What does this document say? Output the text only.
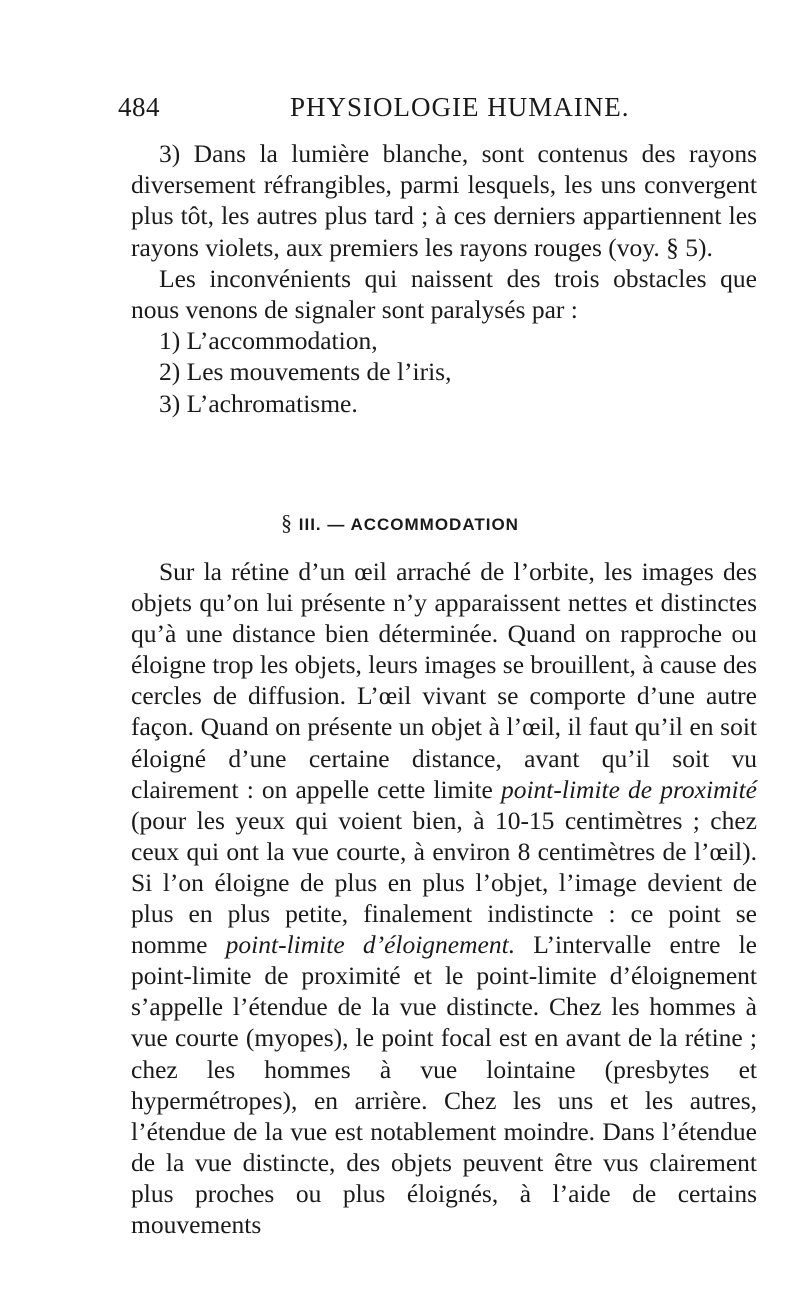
484	PHYSIOLOGIE HUMAINE.

3) Dans la lumière blanche, sont contenus des rayons diversement réfrangibles, parmi lesquels, les uns convergent plus tôt, les autres plus tard ; à ces derniers appartiennent les rayons violets, aux premiers les rayons rouges (voy. § 5).

Les inconvénients qui naissent des trois obstacles que nous venons de signaler sont paralysés par :

1) L’accommodation,

2) Les mouvements de l’iris,

3) L’achromatisme.

§ III. — ACCOMMODATION

Sur la rétine d’un œil arraché de l’orbite, les images des objets qu’on lui présente n’y apparaissent nettes et distinctes qu’à une distance bien déterminée. Quand on rapproche ou éloigne trop les objets, leurs images se brouillent, à cause des cercles de diffusion. L’œil vivant se comporte d’une autre façon. Quand on présente un objet à l’œil, il faut qu’il en soit éloigné d’une certaine distance, avant qu’il soit vu clairement : on appelle cette limite point-limite de proximité (pour les yeux qui voient bien, à 10-15 centimètres ; chez ceux qui ont la vue courte, à environ 8 centimètres de l’œil). Si l’on éloigne de plus en plus l’objet, l’image devient de plus en plus petite, finalement indistincte : ce point se nomme point-limite d’éloignement. L’intervalle entre le point-limite de proximité et le point-limite d’éloignement s’appelle l’étendue de la vue distincte. Chez les hommes à vue courte (myopes), le point focal est en avant de la rétine ; chez les hommes à vue lointaine (presbytes et hypermétropes), en arrière. Chez les uns et les autres, l’étendue de la vue est notablement moindre. Dans l’étendue de la vue distincte, des objets peuvent être vus clairement plus proches ou plus éloignés, à l’aide de certains mouvements
